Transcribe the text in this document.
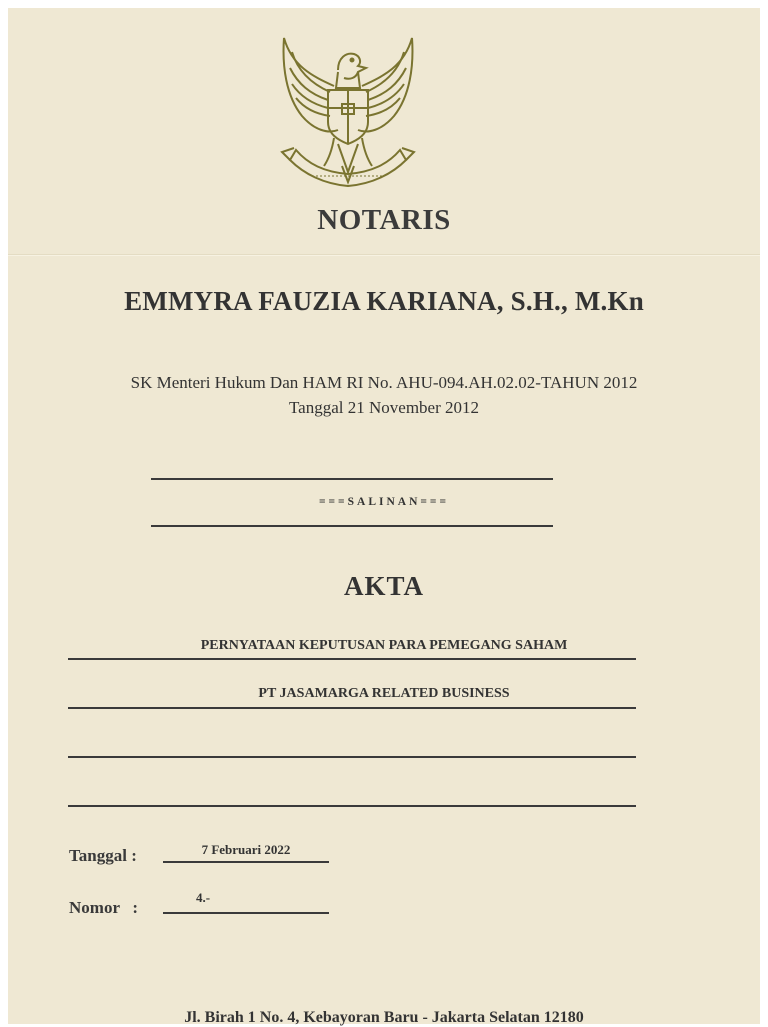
NOTARIS
EMMYRA FAUZIA KARIANA, S.H., M.Kn
SK Menteri Hukum Dan HAM RI No. AHU-094.AH.02.02-TAHUN 2012
Tanggal 21 November 2012
===SALINAN===
AKTA
PERNYATAAN KEPUTUSAN PARA PEMEGANG SAHAM
PT JASAMARGA RELATED BUSINESS
Tanggal :	7 Februari 2022
Nomor   :
4.-
Jl. Birah 1 No. 4, Kebayoran Baru - Jakarta Selatan 12180
